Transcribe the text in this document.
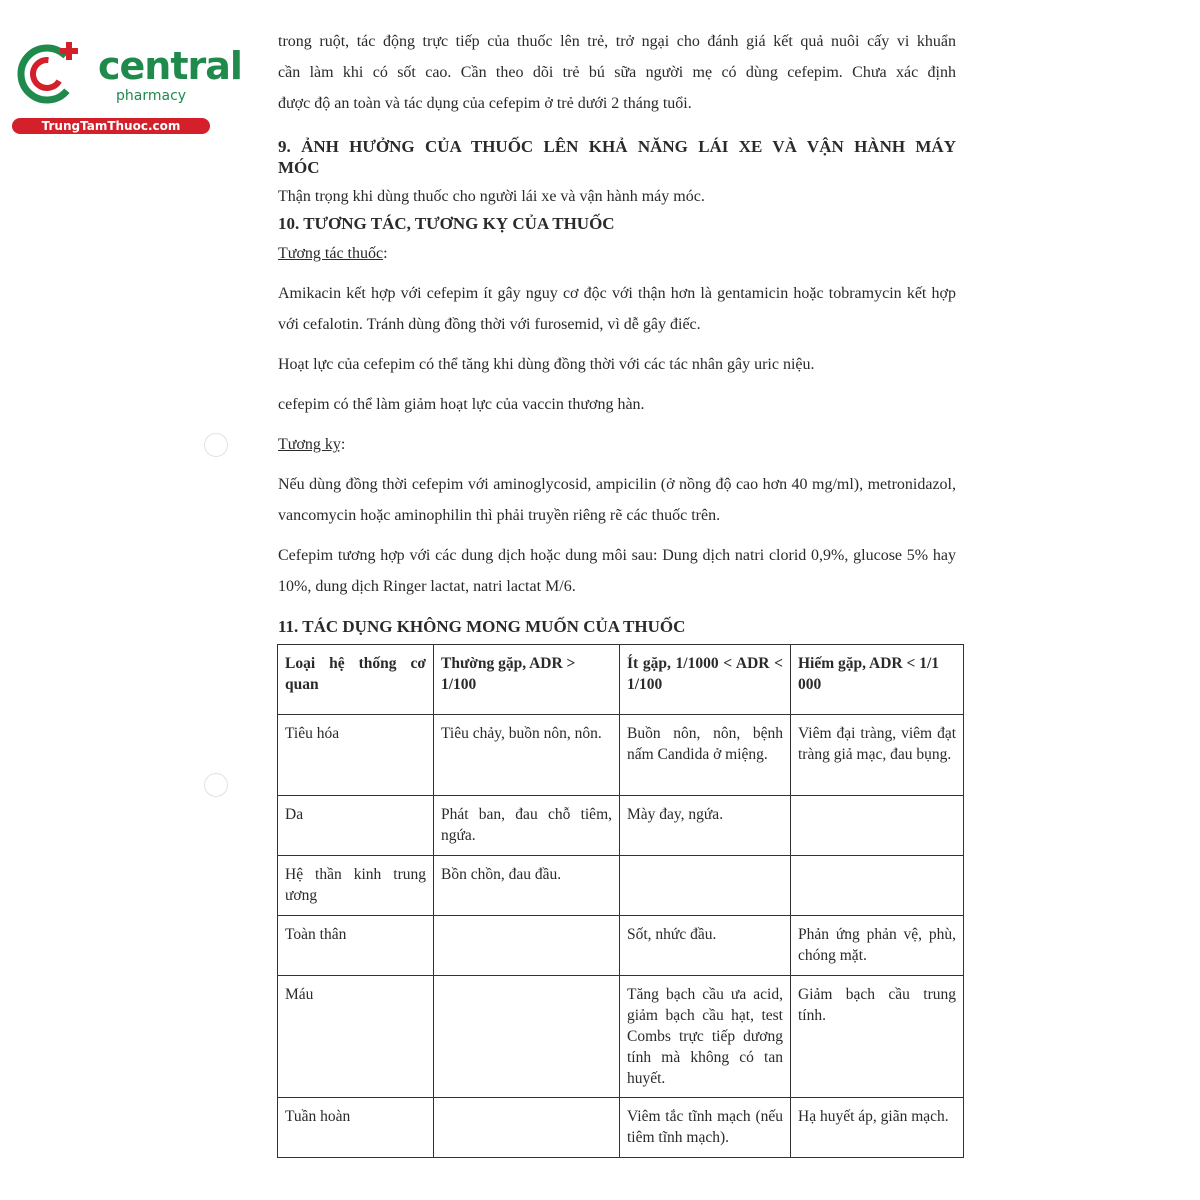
central
pharmacy
TrungTamThuoc.com

trong ruột, tác động trực tiếp của thuốc lên trẻ, trở ngại cho đánh giá kết quả nuôi cấy vi khuẩn

cần làm khi có sốt cao. Cần theo dõi trẻ bú sữa người mẹ có dùng cefepim. Chưa xác định

được độ an toàn và tác dụng của cefepim ở trẻ dưới 2 tháng tuổi.

9. ẢNH HƯỞNG CỦA THUỐC LÊN KHẢ NĂNG LÁI XE VÀ VẬN HÀNH MÁY

MÓC

Thận trọng khi dùng thuốc cho người lái xe và vận hành máy móc.

10. TƯƠNG TÁC, TƯƠNG KỴ CỦA THUỐC

Tương tác thuốc:

Amikacin kết hợp với cefepim ít gây nguy cơ độc với thận hơn là gentamicin hoặc tobramycin kết hợp với cefalotin. Tránh dùng đồng thời với furosemid, vì dễ gây điếc.

Hoạt lực của cefepim có thể tăng khi dùng đồng thời với các tác nhân gây uric niệu.

cefepim có thể làm giảm hoạt lực của vaccin thương hàn.

Tương kỵ:

Nếu dùng đồng thời cefepim với aminoglycosid, ampicilin (ở nồng độ cao hơn 40 mg/ml), metronidazol, vancomycin hoặc aminophilin thì phải truyền riêng rẽ các thuốc trên.

Cefepim tương hợp với các dung dịch hoặc dung môi sau: Dung dịch natri clorid 0,9%, glucose 5% hay 10%, dung dịch Ringer lactat, natri lactat M/6.

11. TÁC DỤNG KHÔNG MONG MUỐN CỦA THUỐC

Loại hệ thống cơ quan	Thường gặp, ADR > 1/100	Ít gặp, 1/1000 < ADR < 1/100	Hiếm gặp, ADR < 1/1 000
Tiêu hóa	Tiêu chảy, buồn nôn, nôn.	Buồn nôn, nôn, bệnh nấm Candida ở miệng.	Viêm đại tràng, viêm đạt tràng giả mạc, đau bụng.
Da	Phát ban, đau chỗ tiêm, ngứa.	Mày đay, ngứa.	
Hệ thần kinh trung ương	Bồn chồn, đau đầu.		
Toàn thân		Sốt, nhức đầu.	Phản ứng phản vệ, phù, chóng mặt.
Máu		Tăng bạch cầu ưa acid, giảm bạch cầu hạt, test Combs trực tiếp dương tính mà không có tan huyết.	Giảm bạch cầu trung tính.
Tuần hoàn		Viêm tắc tĩnh mạch (nếu tiêm tĩnh mạch).	Hạ huyết áp, giãn mạch.
